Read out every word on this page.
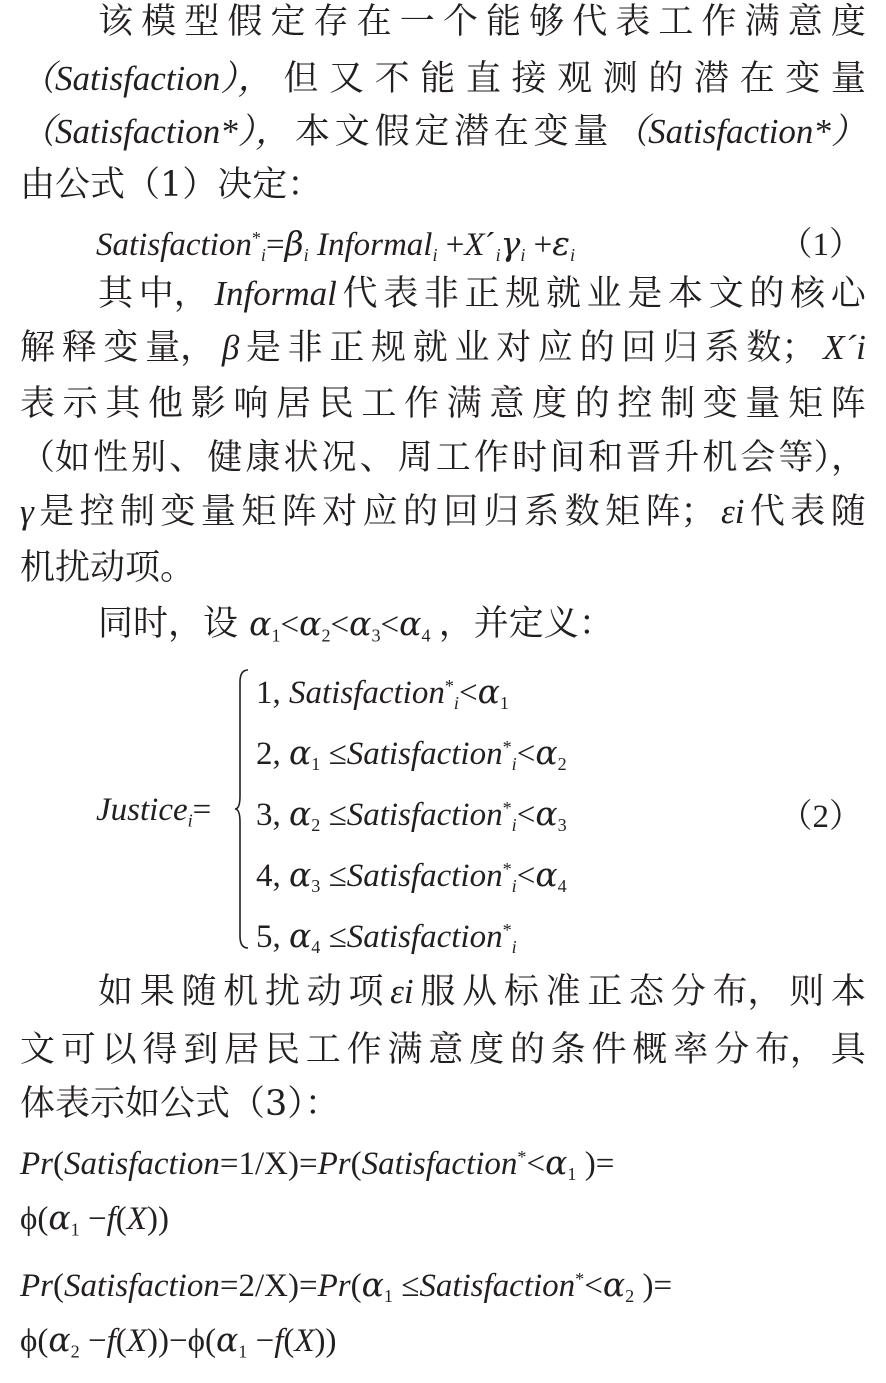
该 模 型 假 定 存 在 一 个 能 够 代 表 工 作 满 意 度
（Satisfaction）， 但 又 不 能 直 接 观 测 的 潜 在 变 量
（Satisfaction*）， 本 文 假 定 潜 在 变 量 （Satisfaction*）
由公式（1）决定：
$Satisfaction^*_i=\beta_i$ Informal$_i$ $+X´_i\gamma_i +\varepsilon_i$	（1）
其 中， Informal 代 表 非 正 规 就 业 是 本 文 的 核 心
解 释 变 量， β 是 非 正 规 就 业 对 应 的 回 归 系 数； X´i
表 示 其 他 影 响 居 民 工 作 满 意 度 的 控 制 变 量 矩 阵
（如 性 别 、 健 康 状 况 、 周 工 作 时 间 和 晋 升 机 会 等），
γ 是 控 制 变 量 矩 阵 对 应 的 回 归 系 数 矩 阵； εi 代 表 随
机扰动项。
同时，设 $\alpha_1<\alpha_2<\alpha_3<\alpha_4$ ，并定义：
Justice$_i$=
1, $Satisfaction^*_i<\alpha_1$
2, $\alpha_1$ $\le Satisfaction^*_i<\alpha_2$
3, $\alpha_2$ $\le Satisfaction^*_i<\alpha_3$
4, $\alpha_3$ $\le Satisfaction^*_i<\alpha_4$
5, $\alpha_4$ ≤Satisfaction*$_i$
（2）
如 果 随 机 扰 动 项 εi 服 从 标 准 正 态 分 布， 则 本
文 可 以 得 到 居 民 工 作 满 意 度 的 条 件 概 率 分 布， 具
体表示如公式（3）：
$Pr(Satisfaction=1/X)=Pr(Satisfaction^*<\alpha_1$ )=
$\phi(\alpha_1 -f(X))$
$Pr(Satisfaction=2/X)=Pr(\alpha_1$ $\le Satisfaction^*<\alpha_2$ )=
$\phi(\alpha_2 -f(X))-\phi(\alpha_1 -f(X))$
